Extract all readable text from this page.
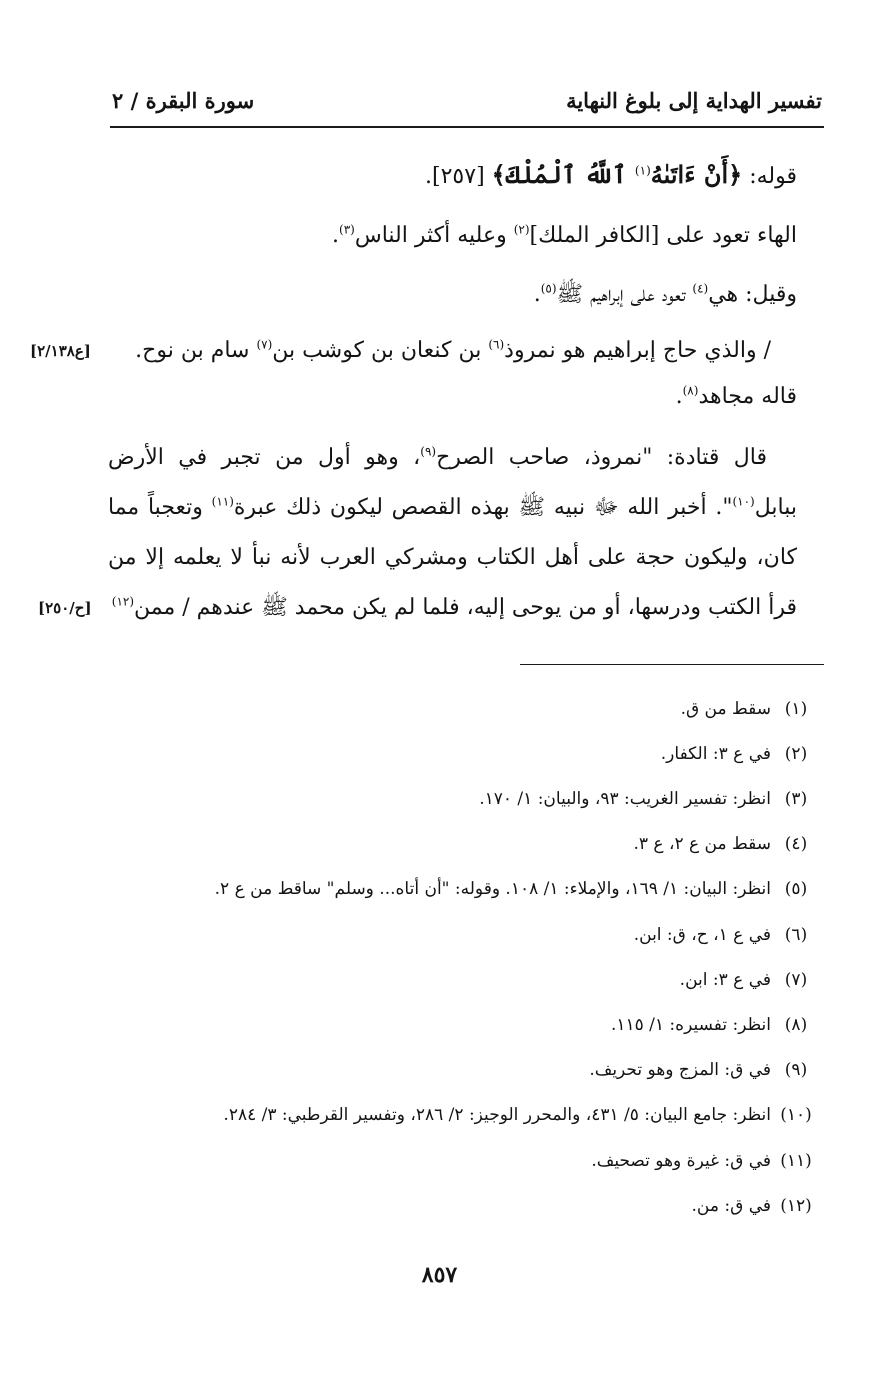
تفسير الهداية إلى بلوغ النهاية
سورة البقرة / ٢
قوله: ﴿أَنْ ءَاتَىٰهُ$^{(١)}$ ٱللَّهُ ٱلْمُلْكَ﴾ [٢٥٧].
الهاء تعود على [الكافر الملك]$^{(٢)}$ وعليه أكثر الناس$^{(٣)}$.
وقيل: هي$^{(٤)}$ تعود على إبراهيم ﷺ$^{(٥)}$.
/ والذي حاج إبراهيم هو نمروذ$^{(٦)}$ بن كنعان بن كوشب بن$^{(٧)}$ سام بن نوح.
[ع٢/١٣٨]
قاله مجاهد$^{(٨)}$.
قال قتادة: "نمروذ، صاحب الصرح$^{(٩)}$، وهو أول من تجبر في الأرض
ببابل$^{(١٠)}$". أخبر الله ﷻ نبيه ﷺ بهذه القصص ليكون ذلك عبرة$^{(١١)}$ وتعجباً مما
كان، وليكون حجة على أهل الكتاب ومشركي العرب لأنه نبأ لا يعلمه إلا من
قرأ الكتب ودرسها، أو من يوحى إليه، فلما لم يكن محمد ﷺ عندهم / ممن$^{(١٢)}$
[ح/٢٥٠]
(١)سقط من ق.
(٢)في ع ٣: الكفار.
(٣)انظر: تفسير الغريب: ٩٣، والبيان: ١/ ١٧٠.
(٤)سقط من ع ٢، ع ٣.
(٥)انظر: البيان: ١/ ١٦٩، والإملاء: ١/ ١٠٨. وقوله: "أن أتاه... وسلم" ساقط من ع ٢.
(٦)في ع ١، ح، ق: ابن.
(٧)في ع ٣: ابن.
(٨)انظر: تفسيره: ١/ ١١٥.
(٩)في ق: المزج وهو تحريف.
(١٠)انظر: جامع البيان: ٥/ ٤٣١، والمحرر الوجيز: ٢/ ٢٨٦، وتفسير القرطبي: ٣/ ٢٨٤.
(١١)في ق: غيرة وهو تصحيف.
(١٢)في ق: من.
٨٥٧
